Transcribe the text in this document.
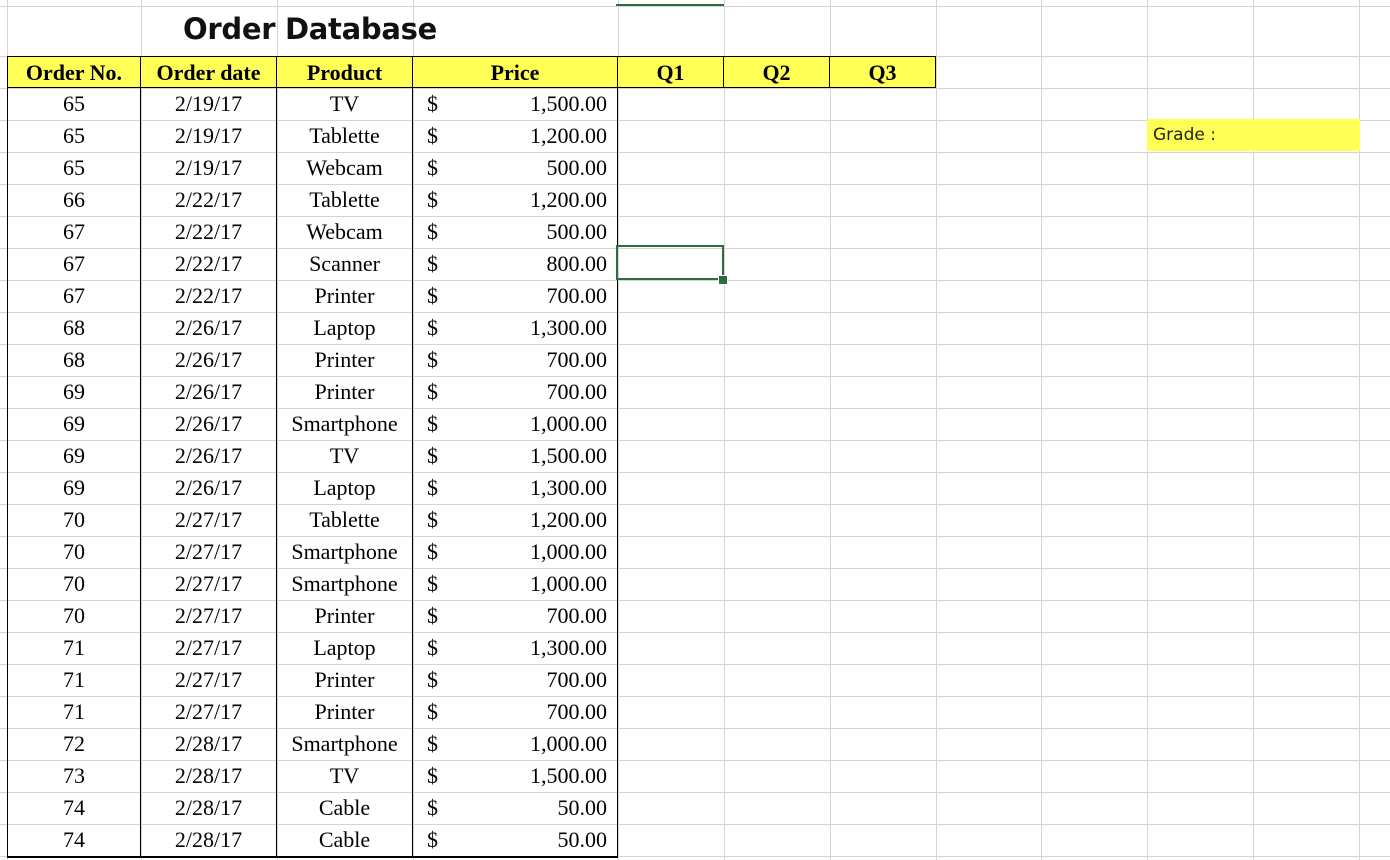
Order Database
Order No.	Order date	Product	Price	Q1	Q2	Q3
65	2/19/17	TV	$	1,500.00
65	2/19/17	Tablette	$	1,200.00
65	2/19/17	Webcam	$	500.00
66	2/22/17	Tablette	$	1,200.00
67	2/22/17	Webcam	$	500.00
67	2/22/17	Scanner	$	800.00
67	2/22/17	Printer	$	700.00
68	2/26/17	Laptop	$	1,300.00
68	2/26/17	Printer	$	700.00
69	2/26/17	Printer	$	700.00
69	2/26/17	Smartphone	$	1,000.00
69	2/26/17	TV	$	1,500.00
69	2/26/17	Laptop	$	1,300.00
70	2/27/17	Tablette	$	1,200.00
70	2/27/17	Smartphone	$	1,000.00
70	2/27/17	Smartphone	$	1,000.00
70	2/27/17	Printer	$	700.00
71	2/27/17	Laptop	$	1,300.00
71	2/27/17	Printer	$	700.00
71	2/27/17	Printer	$	700.00
72	2/28/17	Smartphone	$	1,000.00
73	2/28/17	TV	$	1,500.00
74	2/28/17	Cable	$	50.00
74	2/28/17	Cable	$	50.00
Grade :
